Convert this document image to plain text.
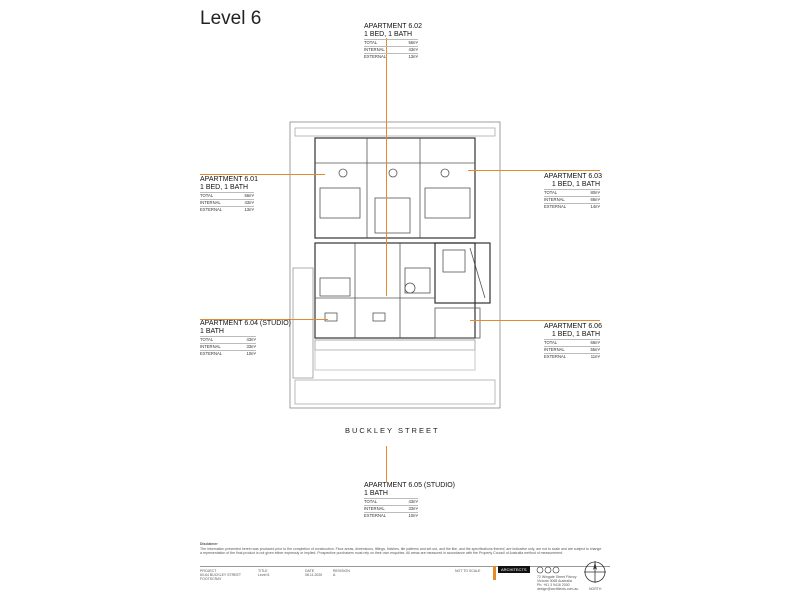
Level 6	APARTMENT 6.02
1 BED, 1 BATH
TOTAL	56m²
INTERNAL	43m²
EXTERNAL	13m²
APARTMENT 6.01
1 BED, 1 BATH
TOTAL	56m²
INTERNAL	43m²
EXTERNAL	13m²
APARTMENT 6.03
1 BED, 1 BATH
TOTAL	80m²
INTERNAL	66m²
EXTERNAL	14m²
APARTMENT 6.04 (STUDIO)
1 BATH
TOTAL	43m²
INTERNAL	33m²
EXTERNAL	10m²
APARTMENT 6.06
1 BED, 1 BATH
TOTAL	66m²
INTERNAL	55m²
EXTERNAL	11m²
APARTMENT 6.05 (STUDIO)
1 BATH
TOTAL	43m²
INTERNAL	33m²
EXTERNAL	10m²
BUCKLEY STREET
Disclaimer
The information presented herein was produced prior to the completion of construction. Floor areas, dimensions, fittings, finishes, tile patterns and set out, and the like, and the specifications thereof, are indicative only, are not to scale and are subject to change
a representation of the final product is not given either expressly or implied. Prospective purchasers must rely on their own enquiries. All areas are measured in accordance with the Property Council of Australia method of measurement.
PROJECT
60-64 BUCKLEY STREET
FOOTSCRAY
TITLE
Level 6
DATE
08.11.2020
REVISION
A
NOT TO SCALE	ARCHITECTS
72 Wingate Street Fitzroy
Victoria 3065 Australia
Ph: +61 3 9416 2000
design@architects.com.au	NORTH
